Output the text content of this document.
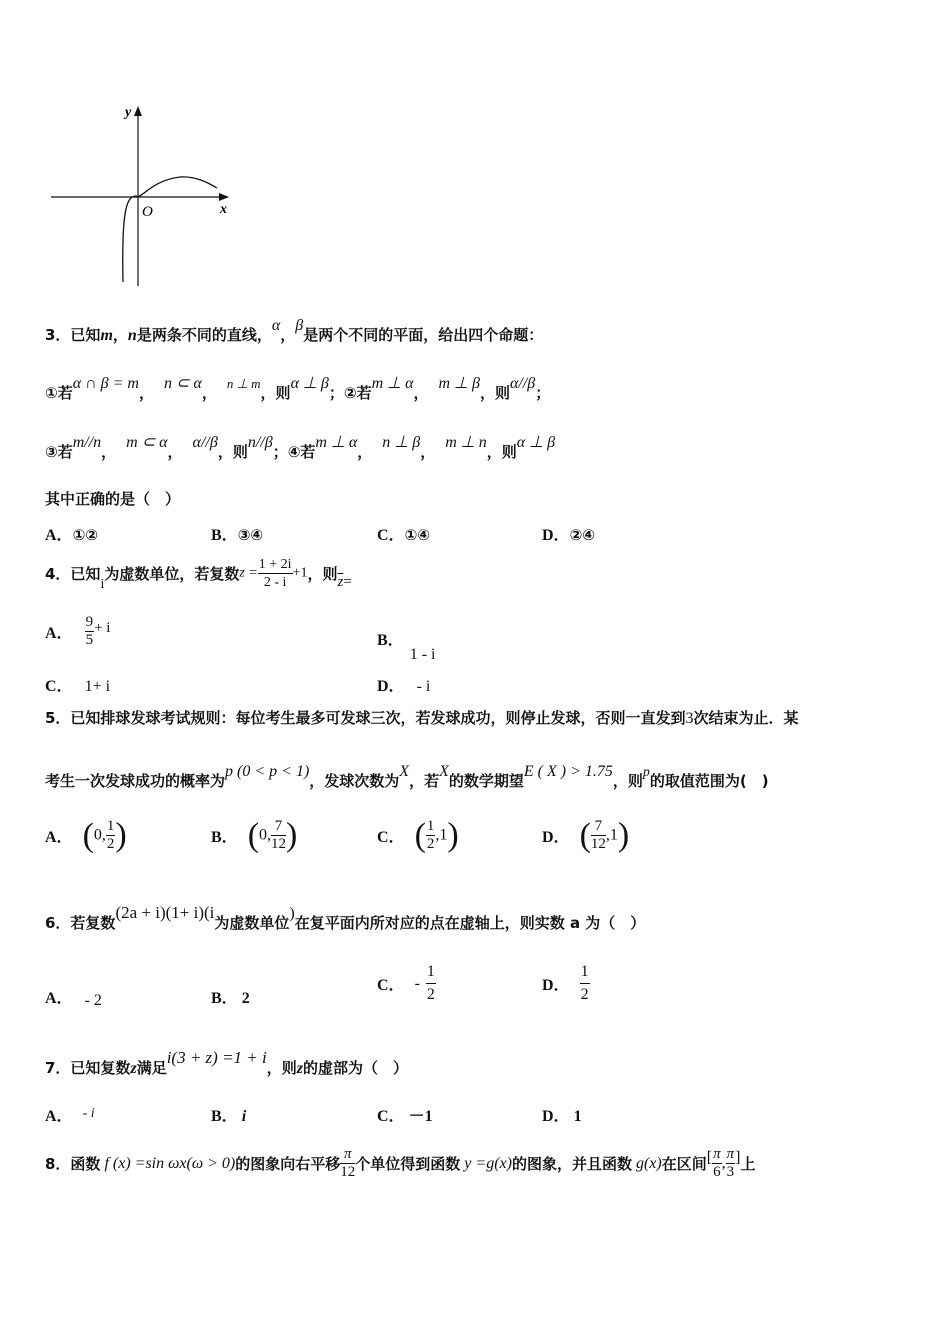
y
x
O
3．已知m，n是两条不同的直线，α，β是两个不同的平面，给出四个命题：
①若α ∩ β = m，n ⊂ α，n ⊥ m，则α ⊥ β；②若m ⊥ α，m ⊥ β，则α//β；
③若m//n，m ⊂ α，α//β，则n//β；④若m ⊥ α，n ⊥ β，m ⊥ n，则α ⊥ β
其中正确的是（　）
A．①②	B．③④	C．①④	D．②④
4．已知i为虚数单位，若复数$z = \frac{1 + 2i}{2 - i} +1$，则$\overline{z}=$
A． $\frac{9}{5} + i$
B．1 - i
C． 1+ i	D． - i
5．已知排球发球考试规则：每位考生最多可发球三次，若发球成功，则停止发球，否则一直发到3次结束为止．某
考生一次发球成功的概率为p (0 < p < 1)，发球次数为X，若X的数学期望E ( X ) > 1.75，则p的取值范围为(　)
A． (0, $\frac{1}{2}$ )	B． (0, $\frac{7}{12}$ )	C． ( $\frac{1}{2} ,1$)	D． ( $\frac{7}{12} ,1$)
6．若复数(2a + i)(1+ i)(i为虚数单位)在复平面内所对应的点在虚轴上，则实数 a 为（　）
A． - 2	B． 2
C． - $\frac{1}{2}$	D． $\frac{1}{2}$
7．已知复数z满足i(3 + z) =1 + i，则z的虚部为（　）
A． - i	B． i	C． －1	D． 1
8．函数 f (x) =sin ωx(ω > 0)的图象向右平移 $\frac{\pi}{12}$ 个单位得到函数 y =g(x)的图象，并且函数 g(x)在区间[ $\frac{\pi}{6}$ , $\frac{\pi}{3}$ ]上
